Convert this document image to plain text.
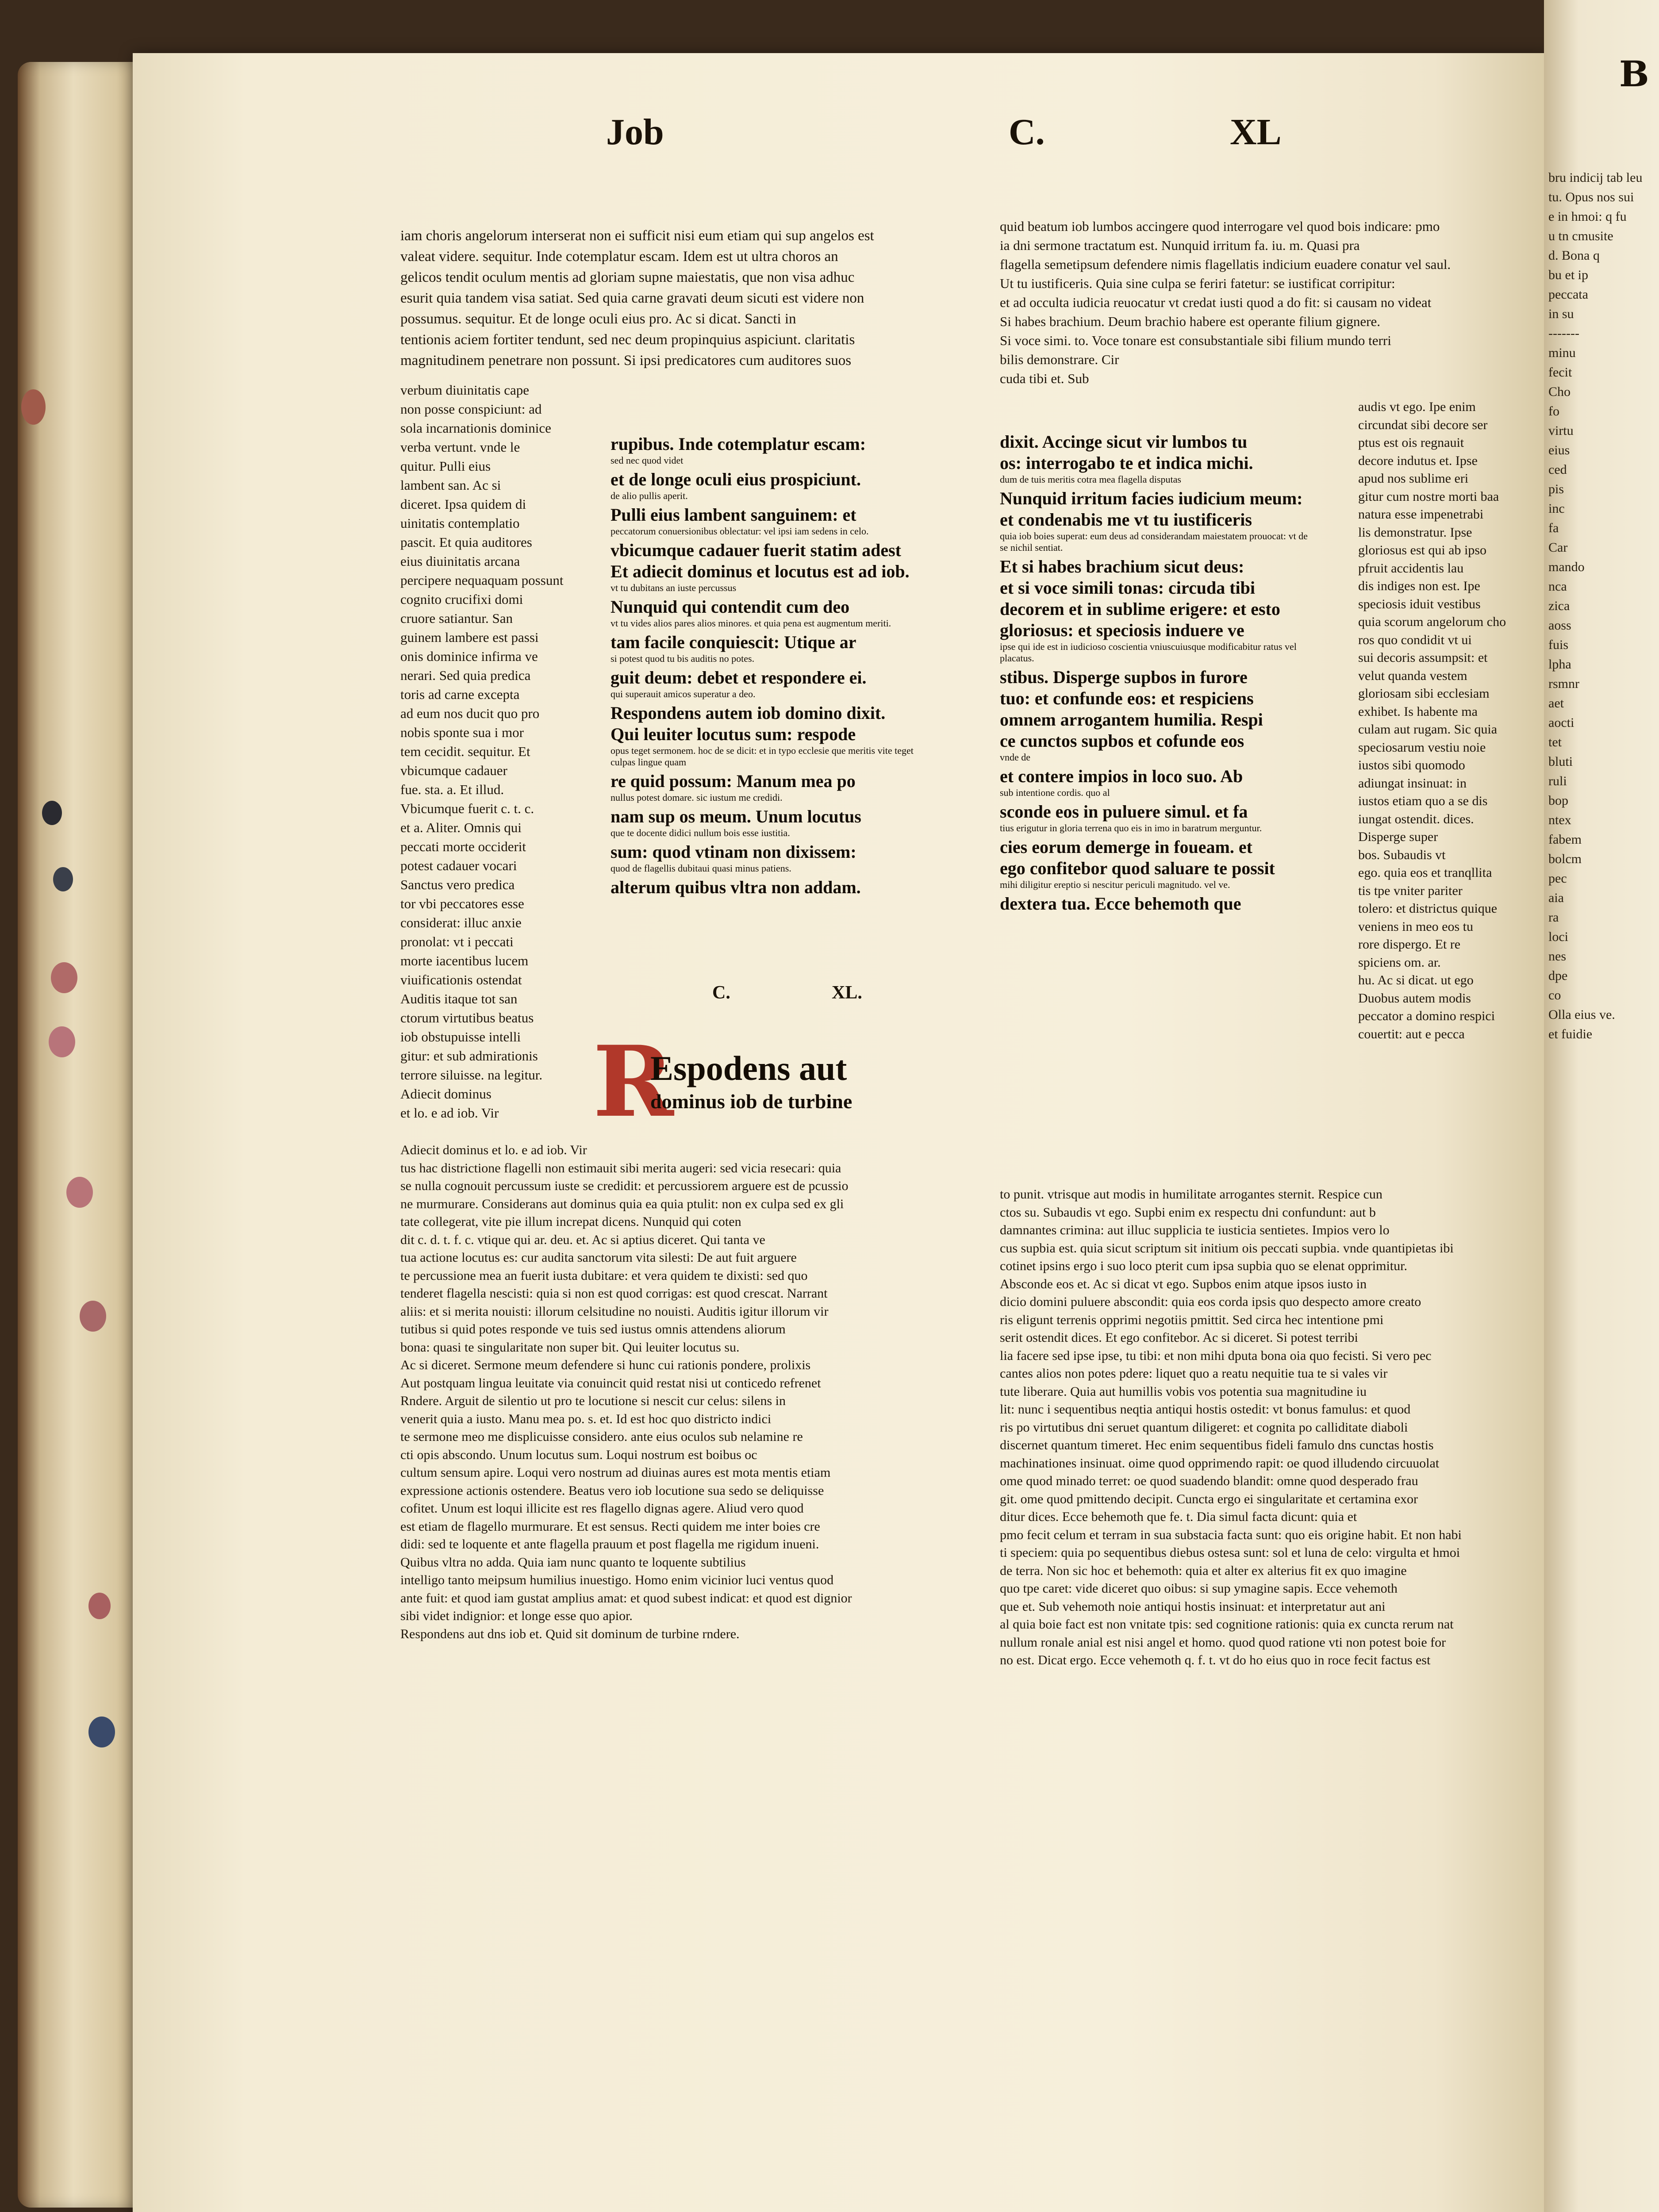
B
bru indicij tab leu
tu. Opus nos sui
e in hmoi: q fu
u tn cmusite
d. Bona q
bu et ip
peccata
in su
-------
minu
fecit
Cho
fo
virtu
eius
ced
pis
inc
fa
Car
mando
nca
zica
aoss
fuis
lpha
rsmnr
aet
aocti
tet
bluti
ruli
bop
ntex
fabem
bolcm
pec
aia
ra
loci
nes
dpe
co
Olla eius ve.
et fuidie
Job	C.	XL

iam choris angelorum interserat non ei sufficit nisi eum etiam qui sup angelos est

valeat videre. sequitur. Inde cotemplatur escam. Idem est ut ultra choros an

gelicos tendit oculum mentis ad gloriam supne maiestatis, que non visa adhuc

esurit quia tandem visa satiat. Sed quia carne gravati deum sicuti est videre non

possumus. sequitur. Et de longe oculi eius pro. Ac si dicat. Sancti in

tentionis aciem fortiter tendunt, sed nec deum propinquius aspiciunt. claritatis

magnitudinem penetrare non possunt. Si ipsi predicatores cum auditores suos

verbum diuinitatis cape

non posse conspiciunt: ad

sola incarnationis dominice

verba vertunt. vnde le

quitur. Pulli eius

lambent san. Ac si

diceret. Ipsa quidem di

uinitatis contemplatio

pascit. Et quia auditores

eius diuinitatis arcana

percipere nequaquam possunt

cognito crucifixi domi

cruore satiantur. San

guinem lambere est passi

onis dominice infirma ve

nerari. Sed quia predica

toris ad carne excepta

ad eum nos ducit quo pro

nobis sponte sua i mor

tem cecidit. sequitur. Et

vbicumque cadauer

fue. sta. a. Et illud.

Vbicumque fuerit c. t. c.

et a. Aliter. Omnis qui

peccati morte occiderit

potest cadauer vocari

Sanctus vero predica

tor vbi peccatores esse

considerat: illuc anxie

pronolat: vt i peccati

morte iacentibus lucem

viuificationis ostendat

Auditis itaque tot san

ctorum virtutibus beatus

iob obstupuisse intelli

gitur: et sub admirationis

terrore siluisse. na legitur.

Adiecit dominus

et lo. e ad iob. Vir

rupibus. Inde cotemplatur escam:
sed nec quod videt
et de longe oculi eius prospiciunt.
de alio pullis aperit.
Pulli eius lambent sanguinem: et
peccatorum conuersionibus oblectatur: vel ipsi iam sedens in celo.
vbicumque cadauer fuerit statim adest
Et adiecit dominus et locutus est ad iob.
vt tu dubitans an iuste percussus
Nunquid qui contendit cum deo
vt tu vides alios pares alios minores. et quia pena est augmentum meriti.
tam facile conquiescit: Utique ar
si potest quod tu bis auditis no potes.
guit deum: debet et respondere ei.
qui superauit amicos superatur a deo.
Respondens autem iob domino dixit.
Qui leuiter locutus sum: respode
opus teget sermonem. hoc de se dicit: et in typo ecclesie que meritis vite teget culpas lingue quam
re quid possum: Manum mea po
nullus potest domare. sic iustum me credidi.
nam sup os meum. Unum locutus
que te docente didici nullum bois esse iustitia.
sum: quod vtinam non dixissem:
quod de flagellis dubitaui quasi minus patiens.
alterum quibus vltra non addam.
C.	XL.
R
Espodens aut
dominus iob de turbine

Adiecit dominus et lo. e ad iob. Vir

tus hac districtione flagelli non estimauit sibi merita augeri: sed vicia resecari: quia

se nulla cognouit percussum iuste se credidit: et percussiorem arguere est de pcussio

ne murmurare. Considerans aut dominus quia ea quia ptulit: non ex culpa sed ex gli

tate collegerat, vite pie illum increpat dicens. Nunquid qui coten

dit c. d. t. f. c. vtique qui ar. deu. et. Ac si aptius diceret. Qui tanta ve

tua actione locutus es: cur audita sanctorum vita silesti: De aut fuit arguere

te percussione mea an fuerit iusta dubitare: et vera quidem te dixisti: sed quo

tenderet flagella nescisti: quia si non est quod corrigas: est quod crescat. Narrant

aliis: et si merita nouisti: illorum celsitudine no nouisti. Auditis igitur illorum vir

tutibus si quid potes responde ve tuis sed iustus omnis attendens aliorum

bona: quasi te singularitate non super bit. Qui leuiter locutus su.

Ac si diceret. Sermone meum defendere si hunc cui rationis pondere, prolixis

Aut postquam lingua leuitate via conuincit quid restat nisi ut conticedo refrenet

Rndere. Arguit de silentio ut pro te locutione si nescit cur celus: silens in

venerit quia a iusto. Manu mea po. s. et. Id est hoc quo districto indici

te sermone meo me displicuisse considero. ante eius oculos sub nelamine re

cti opis abscondo. Unum locutus sum. Loqui nostrum est boibus oc

cultum sensum apire. Loqui vero nostrum ad diuinas aures est mota mentis etiam

expressione actionis ostendere. Beatus vero iob locutione sua sedo se deliquisse

cofitet. Unum est loqui illicite est res flagello dignas agere. Aliud vero quod

est etiam de flagello murmurare. Et est sensus. Recti quidem me inter boies cre

didi: sed te loquente et ante flagella prauum et post flagella me rigidum inueni.

Quibus vltra no adda. Quia iam nunc quanto te loquente subtilius

intelligo tanto meipsum humilius inuestigo. Homo enim vicinior luci ventus quod

ante fuit: et quod iam gustat amplius amat: et quod subest indicat: et quod est dignior

sibi videt indignior: et longe esse quo apior.

Respondens aut dns iob et. Quid sit dominum de turbine rndere.

quid beatum iob lumbos accingere quod interrogare vel quod bois indicare: pmo

ia dni sermone tractatum est. Nunquid irritum fa. iu. m. Quasi pra

flagella semetipsum defendere nimis flagellatis indicium euadere conatur vel saul.

Ut tu iustificeris. Quia sine culpa se feriri fatetur: se iustificat corripitur:

et ad occulta iudicia reuocatur vt credat iusti quod a do fit: si causam no videat

Si habes brachium. Deum brachio habere est operante filium gignere.

Si voce simi. to. Voce tonare est consubstantiale sibi filium mundo terri

bilis demonstrare. Cir

cuda tibi et. Sub

dixit. Accinge sicut vir lumbos tu
os: interrogabo te et indica michi.
dum de tuis meritis cotra mea flagella disputas
Nunquid irritum facies iudicium meum:
et condenabis me vt tu iustificeris
quia iob boies superat: eum deus ad considerandam maiestatem prouocat: vt de se nichil sentiat.
Et si habes brachium sicut deus:
et si voce simili tonas: circuda tibi
decorem et in sublime erigere: et esto
gloriosus: et speciosis induere ve
ipse qui ide est in iudicioso coscientia vniuscuiusque modificabitur ratus vel placatus.
stibus. Disperge supbos in furore
tuo: et confunde eos: et respiciens
omnem arrogantem humilia. Respi
ce cunctos supbos et cofunde eos
vnde de
et contere impios in loco suo. Ab
sub intentione cordis. quo al
sconde eos in puluere simul. et fa
tius erigutur in gloria terrena quo eis in imo in baratrum merguntur.
cies eorum demerge in foueam. et
ego confitebor quod saluare te possit
mihi diligitur ereptio si nescitur periculi magnitudo. vel ve.
dextera tua. Ecce behemoth que

audis vt ego. Ipe enim

circundat sibi decore ser

ptus est ois regnauit

decore indutus et. Ipse

apud nos sublime eri

gitur cum nostre morti baa

natura esse impenetrabi

lis demonstratur. Ipse

gloriosus est qui ab ipso

pfruit accidentis lau

dis indiges non est. Ipe

speciosis iduit vestibus

quia scorum angelorum cho

ros quo condidit vt ui

sui decoris assumpsit: et

velut quanda vestem

gloriosam sibi ecclesiam

exhibet. Is habente ma

culam aut rugam. Sic quia

speciosarum vestiu noie

iustos sibi quomodo

adiungat insinuat: in

iustos etiam quo a se dis

iungat ostendit. dices.

Disperge super

bos. Subaudis vt

ego. quia eos et tranqllita

tis tpe vniter pariter

tolero: et districtus quique

veniens in meo eos tu

rore dispergo. Et re

spiciens om. ar.

hu. Ac si dicat. ut ego

Duobus autem modis

peccator a domino respici

couertit: aut e pecca

to punit. vtrisque aut modis in humilitate arrogantes sternit. Respice cun

ctos su. Subaudis vt ego. Supbi enim ex respectu dni confundunt: aut b

damnantes crimina: aut illuc supplicia te iusticia sentietes. Impios vero lo

cus supbia est. quia sicut scriptum sit initium ois peccati supbia. vnde quantipietas ibi

cotinet ipsins ergo i suo loco pterit cum ipsa supbia quo se elenat opprimitur.

Absconde eos et. Ac si dicat vt ego. Supbos enim atque ipsos iusto in

dicio domini puluere abscondit: quia eos corda ipsis quo despecto amore creato

ris eligunt terrenis opprimi negotiis pmittit. Sed circa hec intentione pmi

serit ostendit dices. Et ego confitebor. Ac si diceret. Si potest terribi

lia facere sed ipse ipse, tu tibi: et non mihi dputa bona oia quo fecisti. Si vero pec

cantes alios non potes pdere: liquet quo a reatu nequitie tua te si vales vir

tute liberare. Quia aut humillis vobis vos potentia sua magnitudine iu

lit: nunc i sequentibus neqtia antiqui hostis ostedit: vt bonus famulus: et quod

ris po virtutibus dni seruet quantum diligeret: et cognita po calliditate diaboli

discernet quantum timeret. Hec enim sequentibus fideli famulo dns cunctas hostis

machinationes insinuat. oime quod opprimendo rapit: oe quod illudendo circuuolat

ome quod minado terret: oe quod suadendo blandit: omne quod desperado frau

git. ome quod pmittendo decipit. Cuncta ergo ei singularitate et certamina exor

ditur dices. Ecce behemoth que fe. t. Dia simul facta dicunt: quia et

pmo fecit celum et terram in sua substacia facta sunt: quo eis origine habit. Et non habi

ti speciem: quia po sequentibus diebus ostesa sunt: sol et luna de celo: virgulta et hmoi

de terra. Non sic hoc et behemoth: quia et alter ex alterius fit ex quo imagine

quo tpe caret: vide diceret quo oibus: si sup ymagine sapis. Ecce vehemoth

que et. Sub vehemoth noie antiqui hostis insinuat: et interpretatur aut ani

al quia boie fact est non vnitate tpis: sed cognitione rationis: quia ex cuncta rerum nat

nullum ronale anial est nisi angel et homo. quod quod ratione vti non potest boie for

no est. Dicat ergo. Ecce vehemoth q. f. t. vt do ho eius quo in roce fecit factus est
